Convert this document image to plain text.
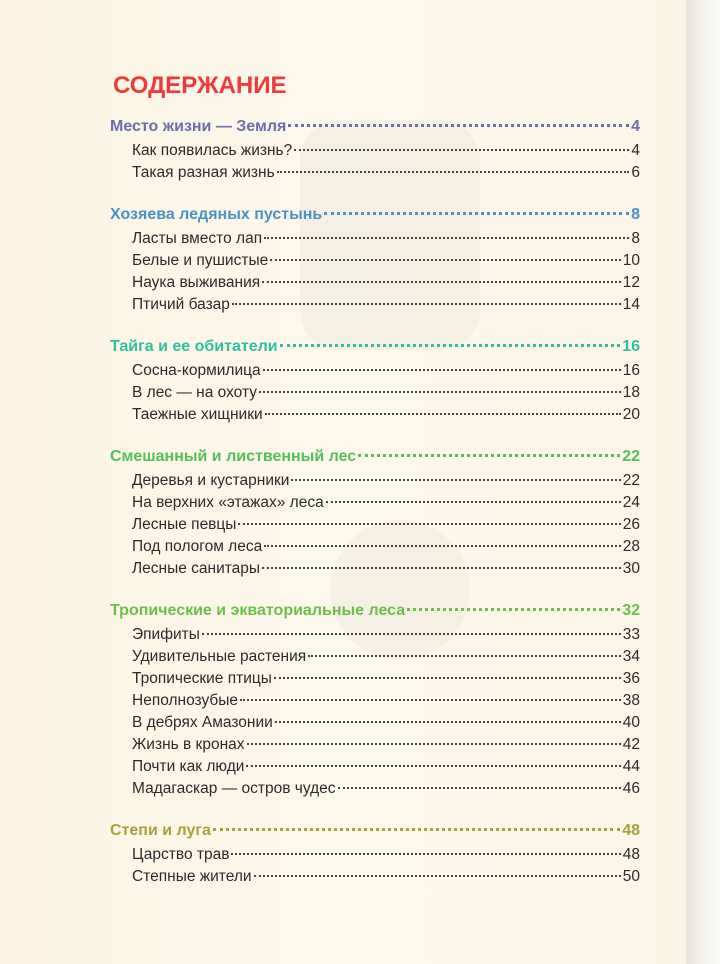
СОДЕРЖАНИЕ
Место жизни — Земля	4
Как появилась жизнь?	4
Такая разная жизнь	6
Хозяева ледяных пустынь	8
Ласты вместо лап	8
Белые и пушистые	10
Наука выживания	12
Птичий базар	14
Тайга и ее обитатели	16
Сосна-кормилица	16
В лес — на охоту	18
Таежные хищники	20
Смешанный и лиственный лес	22
Деревья и кустарники	22
На верхних «этажах» леса	24
Лесные певцы	26
Под пологом леса	28
Лесные санитары	30
Тропические и экваториальные леса	32
Эпифиты	33
Удивительные растения	34
Тропические птицы	36
Неполнозубые	38
В дебрях Амазонии	40
Жизнь в кронах	42
Почти как люди	44
Мадагаскар — остров чудес	46
Степи и луга	48
Царство трав	48
Степные жители	50
